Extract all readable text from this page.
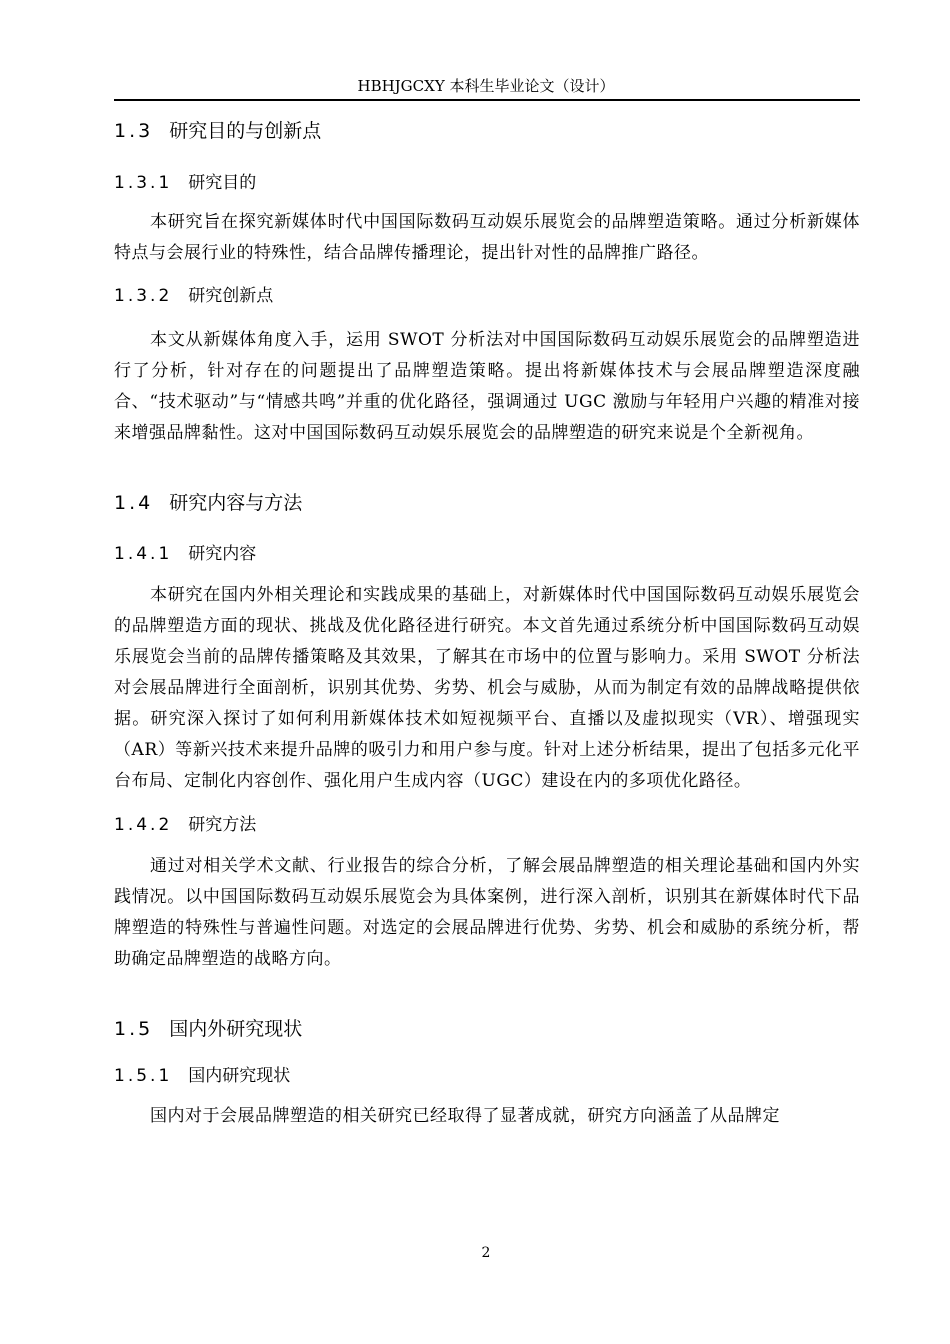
HBHJGCXY 本科生毕业论文（设计）
1.3 研究目的与创新点
1.3.1 研究目的

本研究旨在探究新媒体时代中国国际数码互动娱乐展览会的品牌塑造策略。通过分析新媒体特点与会展行业的特殊性，结合品牌传播理论，提出针对性的品牌推广路径。

1.3.2 研究创新点

本文从新媒体角度入手，运用 SWOT 分析法对中国国际数码互动娱乐展览会的品牌塑造进行了分析，针对存在的问题提出了品牌塑造策略。提出将新媒体技术与会展品牌塑造深度融合、“技术驱动”与“情感共鸣”并重的优化路径，强调通过 UGC 激励与年轻用户兴趣的精准对接来增强品牌黏性。这对中国国际数码互动娱乐展览会的品牌塑造的研究来说是个全新视角。

1.4 研究内容与方法
1.4.1 研究内容

本研究在国内外相关理论和实践成果的基础上，对新媒体时代中国国际数码互动娱乐展览会的品牌塑造方面的现状、挑战及优化路径进行研究。本文首先通过系统分析中国国际数码互动娱乐展览会当前的品牌传播策略及其效果，了解其在市场中的位置与影响力。采用 SWOT 分析法对会展品牌进行全面剖析，识别其优势、劣势、机会与威胁，从而为制定有效的品牌战略提供依据。研究深入探讨了如何利用新媒体技术如短视频平台、直播以及虚拟现实（VR）、增强现实（AR）等新兴技术来提升品牌的吸引力和用户参与度。针对上述分析结果，提出了包括多元化平台布局、定制化内容创作、强化用户生成内容（UGC）建设在内的多项优化路径。

1.4.2 研究方法

通过对相关学术文献、行业报告的综合分析，了解会展品牌塑造的相关理论基础和国内外实践情况。以中国国际数码互动娱乐展览会为具体案例，进行深入剖析，识别其在新媒体时代下品牌塑造的特殊性与普遍性问题。对选定的会展品牌进行优势、劣势、机会和威胁的系统分析，帮助确定品牌塑造的战略方向。

1.5 国内外研究现状
1.5.1 国内研究现状

国内对于会展品牌塑造的相关研究已经取得了显著成就，研究方向涵盖了从品牌定

2
